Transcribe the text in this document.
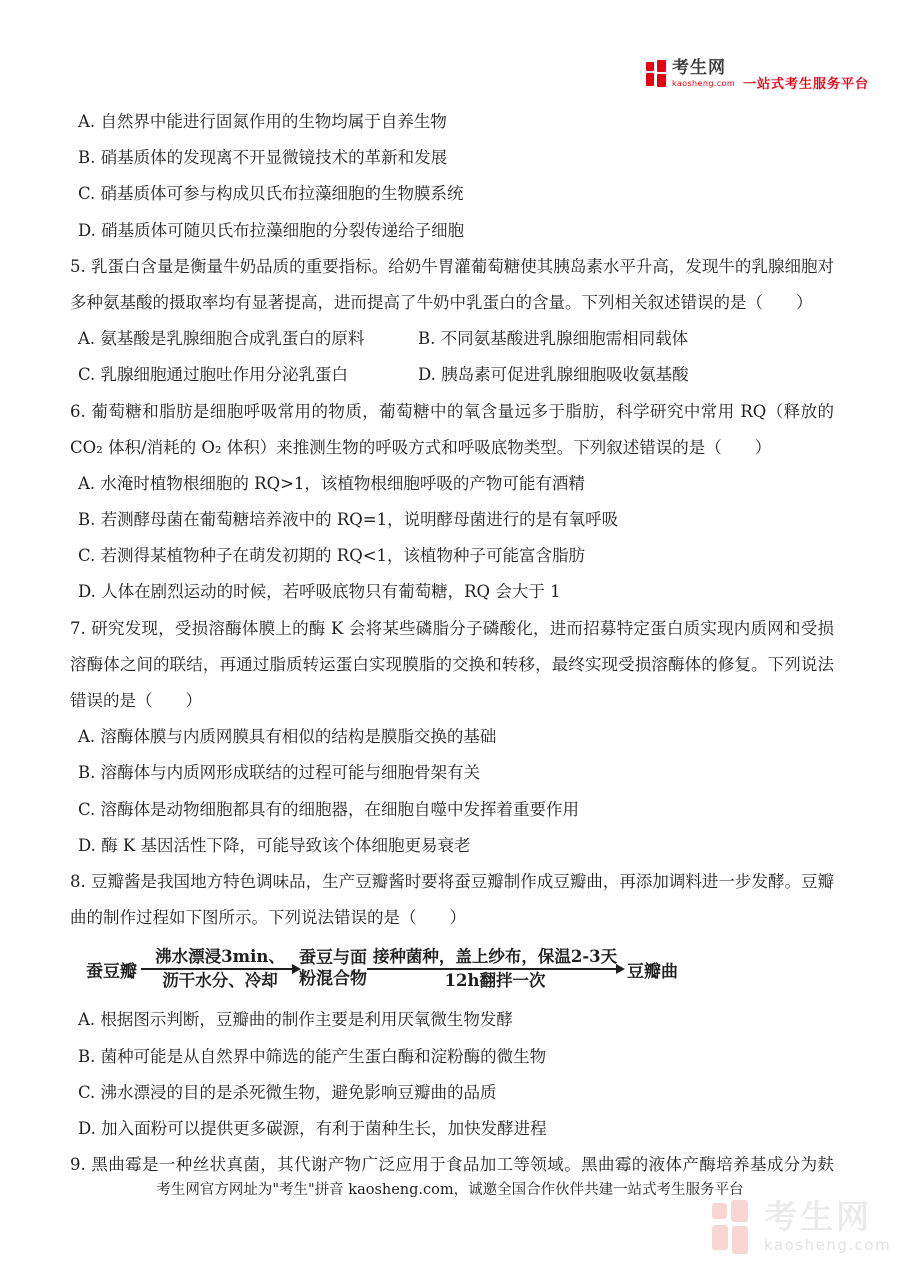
考生网
kaosheng.com 一站式考生服务平台
A. 自然界中能进行固氮作用的生物均属于自养生物
B. 硝基质体的发现离不开显微镜技术的革新和发展
C. 硝基质体可参与构成贝氏布拉藻细胞的生物膜系统
D. 硝基质体可随贝氏布拉藻细胞的分裂传递给子细胞
5. 乳蛋白含量是衡量牛奶品质的重要指标。给奶牛胃灌葡萄糖使其胰岛素水平升高，发现牛的乳腺细胞对
多种氨基酸的摄取率均有显著提高，进而提高了牛奶中乳蛋白的含量。下列相关叙述错误的是（　　）
A. 氨基酸是乳腺细胞合成乳蛋白的原料	B. 不同氨基酸进乳腺细胞需相同载体
C. 乳腺细胞通过胞吐作用分泌乳蛋白	D. 胰岛素可促进乳腺细胞吸收氨基酸
6. 葡萄糖和脂肪是细胞呼吸常用的物质，葡萄糖中的氧含量远多于脂肪，科学研究中常用 RQ（释放的
CO₂ 体积/消耗的 O₂ 体积）来推测生物的呼吸方式和呼吸底物类型。下列叙述错误的是（　　）
A. 水淹时植物根细胞的 RQ>1，该植物根细胞呼吸的产物可能有酒精
B. 若测酵母菌在葡萄糖培养液中的 RQ=1，说明酵母菌进行的是有氧呼吸
C. 若测得某植物种子在萌发初期的 RQ<1，该植物种子可能富含脂肪
D. 人体在剧烈运动的时候，若呼吸底物只有葡萄糖，RQ 会大于 1
7. 研究发现，受损溶酶体膜上的酶 K 会将某些磷脂分子磷酸化，进而招募特定蛋白质实现内质网和受损
溶酶体之间的联结，再通过脂质转运蛋白实现膜脂的交换和转移，最终实现受损溶酶体的修复。下列说法
错误的是（　　）
A. 溶酶体膜与内质网膜具有相似的结构是膜脂交换的基础
B. 溶酶体与内质网形成联结的过程可能与细胞骨架有关
C. 溶酶体是动物细胞都具有的细胞器，在细胞自噬中发挥着重要作用
D. 酶 K 基因活性下降，可能导致该个体细胞更易衰老
8. 豆瓣酱是我国地方特色调味品，生产豆瓣酱时要将蚕豆瓣制作成豆瓣曲，再添加调料进一步发酵。豆瓣
曲的制作过程如下图所示。下列说法错误的是（　　）
蚕豆瓣
沸水漂浸3min、
沥干水分、冷却
蚕豆与面
粉混合物
接种菌种，盖上纱布，保温2-3天
12h翻拌一次	豆瓣曲
A. 根据图示判断，豆瓣曲的制作主要是利用厌氧微生物发酵
B. 菌种可能是从自然界中筛选的能产生蛋白酶和淀粉酶的微生物
C. 沸水漂浸的目的是杀死微生物，避免影响豆瓣曲的品质
D. 加入面粉可以提供更多碳源，有利于菌种生长，加快发酵进程
9. 黑曲霉是一种丝状真菌，其代谢产物广泛应用于食品加工等领域。黑曲霉的液体产酶培养基成分为麸
考生网官方网址为"考生"拼音 kaosheng.com，诚邀全国合作伙伴共建一站式考生服务平台
考生网
kaosheng.com
